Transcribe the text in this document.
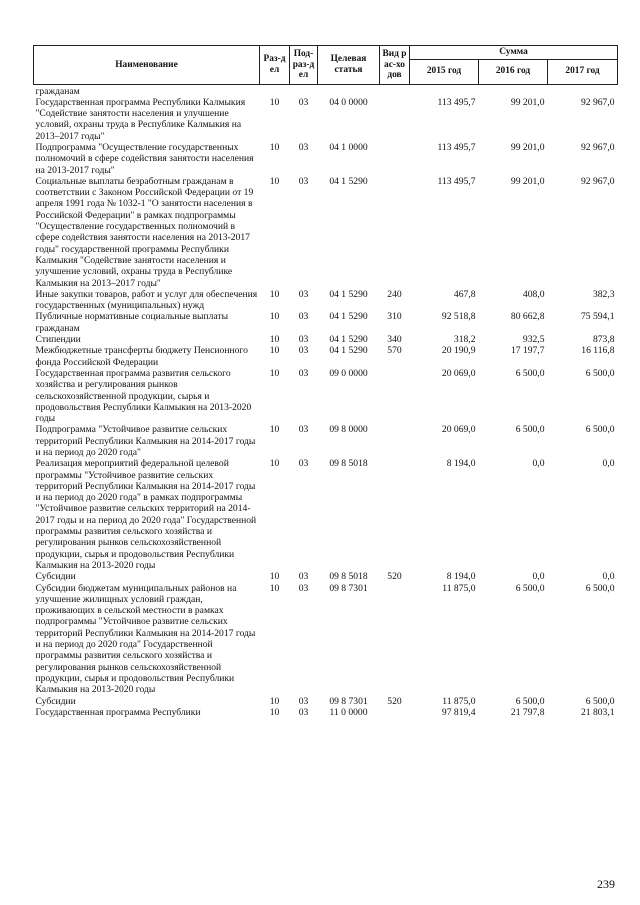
Наименование	Раз-дел	Под-раз-дел	Целевая статья	Вид рас-ходов	Сумма		
					2015 год	2016 год	2017 год
гражданам							
Государственная программа Республики Калмыкия "Содействие занятости населения и улучшение условий, охраны труда в Республике Калмыкия на 2013–2017 годы"	10	03	04 0 0000		113 495,7	99 201,0	92 967,0
Подпрограмма "Осуществление государственных полномочий в сфере содействия занятости населения на 2013-2017 годы"	10	03	04 1 0000		113 495,7	99 201,0	92 967,0
Социальные выплаты безработным гражданам в соответствии с Законом Российской Федерации от 19 апреля 1991 года № 1032-1 "О занятости населения в Российской Федерации" в рамках подпрограммы "Осуществление государственных полномочий в сфере содействия занятости населения на 2013-2017 годы" государственной программы Республики Калмыкия "Содействие занятости населения и улучшение условий, охраны труда в Республике Калмыкия на 2013–2017 годы"	10	03	04 1 5290		113 495,7	99 201,0	92 967,0
Иные закупки товаров, работ и услуг для обеспечения государственных (муниципальных) нужд	10	03	04 1 5290	240	467,8	408,0	382,3
Публичные нормативные социальные выплаты гражданам	10	03	04 1 5290	310	92 518,8	80 662,8	75 594,1
Стипендии	10	03	04 1 5290	340	318,2	932,5	873,8
Межбюджетные трансферты бюджету Пенсионного фонда Российской Федерации	10	03	04 1 5290	570	20 190,9	17 197,7	16 116,8
Государственная программа развития сельского хозяйства и регулирования рынков сельскохозяйственной продукции, сырья и продовольствия Республики Калмыкия на 2013-2020 годы	10	03	09 0 0000		20 069,0	6 500,0	6 500,0
Подпрограмма "Устойчивое развитие сельских территорий Республики Калмыкия на 2014-2017 годы и на период до 2020 года"	10	03	09 8 0000		20 069,0	6 500,0	6 500,0
Реализация мероприятий федеральной целевой программы "Устойчивое развитие сельских территорий Республики Калмыкия на 2014-2017 годы и на период до 2020 года" в рамках подпрограммы "Устойчивое развитие сельских территорий на 2014-2017 годы и на период до 2020 года" Государственной программы развития сельского хозяйства и регулирования рынков сельскохозяйственной продукции, сырья и продовольствия Республики Калмыкия на 2013-2020 годы	10	03	09 8 5018		8 194,0	0,0	0,0
Субсидии	10	03	09 8 5018	520	8 194,0	0,0	0,0
Субсидии бюджетам муниципальных районов на улучшение жилищных условий граждан, проживающих в сельской местности в рамках подпрограммы "Устойчивое развитие сельских территорий Республики Калмыкия на 2014-2017 годы и на период до 2020 года" Государственной программы развития сельского хозяйства и регулирования рынков сельскохозяйственной продукции, сырья и продовольствия Республики Калмыкия на 2013-2020 годы	10	03	09 8 7301		11 875,0	6 500,0	6 500,0
Субсидии	10	03	09 8 7301	520	11 875,0	6 500,0	6 500,0
Государственная программа Республики	10	03	11 0 0000		97 819,4	21 797,8	21 803,1
239
